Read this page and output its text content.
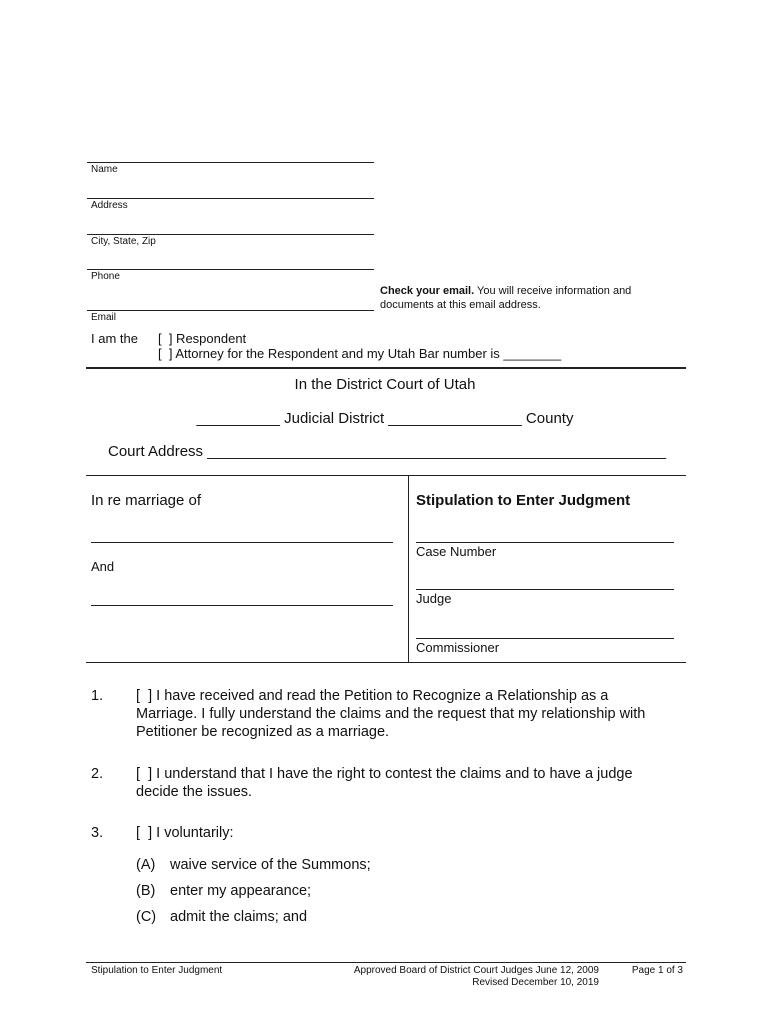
Name
Address
City, State, Zip
Phone
Email
Check your email. You will receive information and
documents at this email address.
I am the [  ] Respondent
[  ] Attorney for the Respondent and my Utah Bar number is ________
In the District Court of Utah
__________ Judicial District ________________ County
Court Address _______________________________________________________
In re marriage of
And
Stipulation to Enter Judgment
Case Number
Judge
Commissioner
1. [  ] I have received and read the Petition to Recognize a Relationship as a
Marriage. I fully understand the claims and the request that my relationship with
Petitioner be recognized as a marriage.
2. [  ] I understand that I have the right to contest the claims and to have a judge
decide the issues.
3. [  ] I voluntarily:
(A) waive service of the Summons;
(B) enter my appearance;
(C) admit the claims; and
Stipulation to Enter Judgment	Approved Board of District Court Judges June 12, 2009
Revised December 10, 2019
Page 1 of 3
